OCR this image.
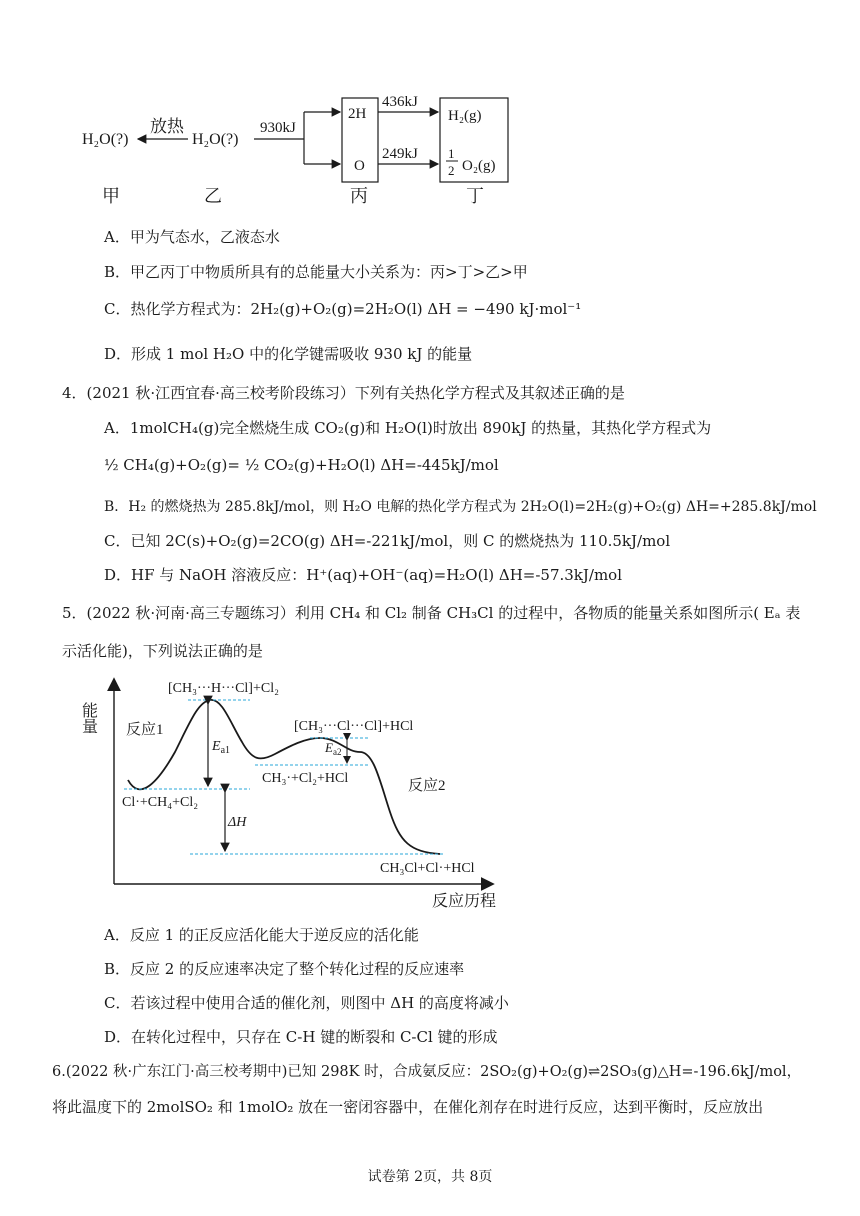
H₂O(?)
放热
H₂O(?)
930kJ
2H
O
436kJ
249kJ
H₂(g)
1
2 O₂(g)
甲	乙	丙	丁
A．甲为气态水，乙液态水
B．甲乙丙丁中物质所具有的总能量大小关系为：丙>丁>乙>甲
C．热化学方程式为：2H₂(g)+O₂(g)=2H₂O(l) ΔH = −490 kJ·mol⁻¹
D．形成 1 mol H₂O 中的化学键需吸收 930 kJ 的能量
4．(2021 秋·江西宜春·高三校考阶段练习）下列有关热化学方程式及其叙述正确的是
A．1molCH₄(g)完全燃烧生成 CO₂(g)和 H₂O(l)时放出 890kJ 的热量，其热化学方程式为
½ CH₄(g)+O₂(g)= ½ CO₂(g)+H₂O(l) ΔH=-445kJ/mol
B．H₂ 的燃烧热为 285.8kJ/mol，则 H₂O 电解的热化学方程式为 2H₂O(l)=2H₂(g)+O₂(g) ΔH=+285.8kJ/mol
C．已知 2C(s)+O₂(g)=2CO(g) ΔH=-221kJ/mol，则 C 的燃烧热为 110.5kJ/mol
D．HF 与 NaOH 溶液反应：H⁺(aq)+OH⁻(aq)=H₂O(l) ΔH=-57.3kJ/mol
5．(2022 秋·河南·高三专题练习）利用 CH₄ 和 Cl₂ 制备 CH₃Cl 的过程中，各物质的能量关系如图所示( Eₐ 表
示活化能)，下列说法正确的是
能量
反应历程
[CH₃···H···Cl]+Cl₂
[CH₃···Cl···Cl]+HCl
反应1
反应2
$E_{a1}$	$E_{a2}$
CH₃·+Cl₂+HCl
Cl·+CH₄+Cl₂
ΔH
CH₃Cl+Cl·+HCl
A．反应 1 的正反应活化能大于逆反应的活化能
B．反应 2 的反应速率决定了整个转化过程的反应速率
C．若该过程中使用合适的催化剂，则图中 ΔH 的高度将减小
D．在转化过程中，只存在 C-H 键的断裂和 C-Cl 键的形成
6.(2022 秋·广东江门·高三校考期中)已知 298K 时，合成氨反应：2SO₂(g)+O₂(g)⇌2SO₃(g)△H=-196.6kJ/mol，
将此温度下的 2molSO₂ 和 1molO₂ 放在一密闭容器中，在催化剂存在时进行反应，达到平衡时，反应放出
试卷第 2页，共 8页
